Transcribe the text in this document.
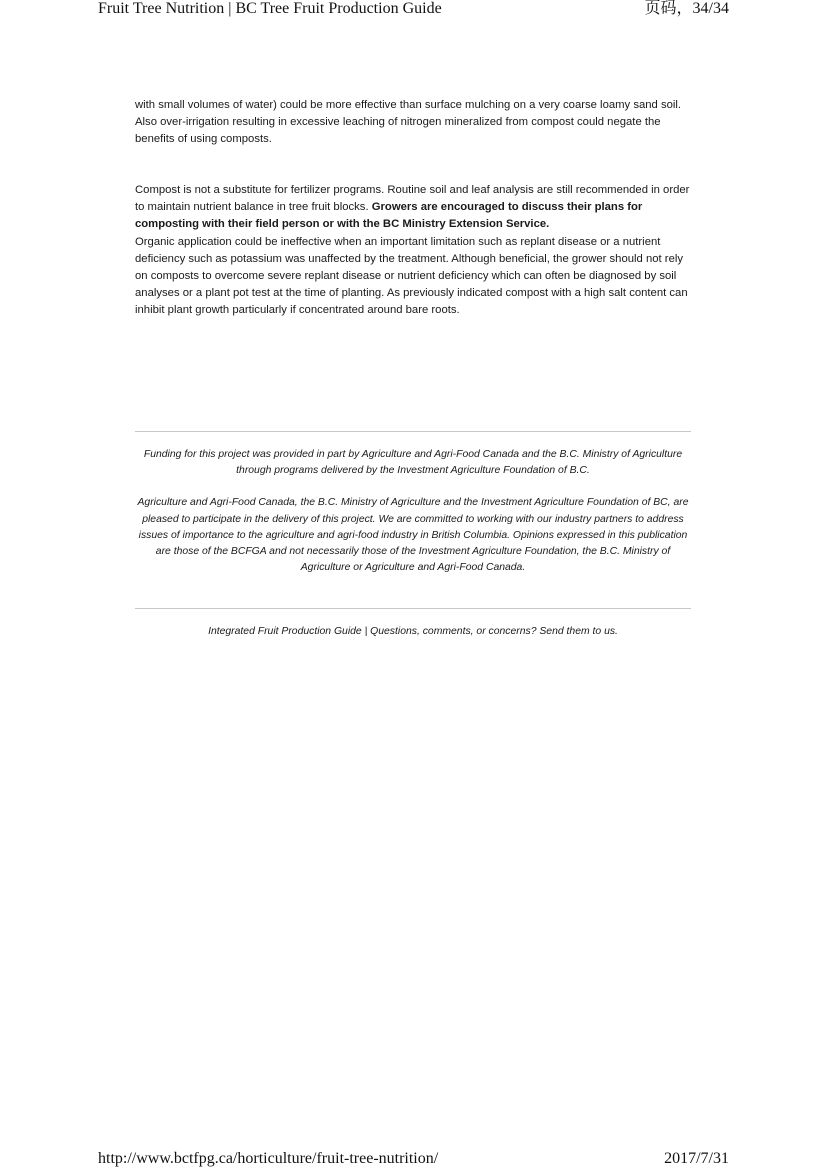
Fruit Tree Nutrition | BC Tree Fruit Production Guide	页码，34/34

with small volumes of water) could be more effective than surface mulching on a very coarse loamy sand soil. Also over-irrigation resulting in excessive leaching of nitrogen mineralized from compost could negate the benefits of using composts.

Compost is not a substitute for fertilizer programs. Routine soil and leaf analysis are still recommended in order to maintain nutrient balance in tree fruit blocks. Growers are encouraged to discuss their plans for composting with their field person or with the BC Ministry Extension Service.

Organic application could be ineffective when an important limitation such as replant disease or a nutrient deficiency such as potassium was unaffected by the treatment. Although beneficial, the grower should not rely on composts to overcome severe replant disease or nutrient deficiency which can often be diagnosed by soil analyses or a plant pot test at the time of planting. As previously indicated compost with a high salt content can inhibit plant growth particularly if concentrated around bare roots.

Funding for this project was provided in part by Agriculture and Agri-Food Canada and the B.C. Ministry of Agriculture through programs delivered by the Investment Agriculture Foundation of B.C.

Agriculture and Agri-Food Canada, the B.C. Ministry of Agriculture and the Investment Agriculture Foundation of BC, are pleased to participate in the delivery of this project. We are committed to working with our industry partners to address issues of importance to the agriculture and agri-food industry in British Columbia. Opinions expressed in this publication are those of the BCFGA and not necessarily those of the Investment Agriculture Foundation, the B.C. Ministry of Agriculture or Agriculture and Agri-Food Canada.

Integrated Fruit Production Guide | Questions, comments, or concerns? Send them to us.

http://www.bctfpg.ca/horticulture/fruit-tree-nutrition/	2017/7/31
